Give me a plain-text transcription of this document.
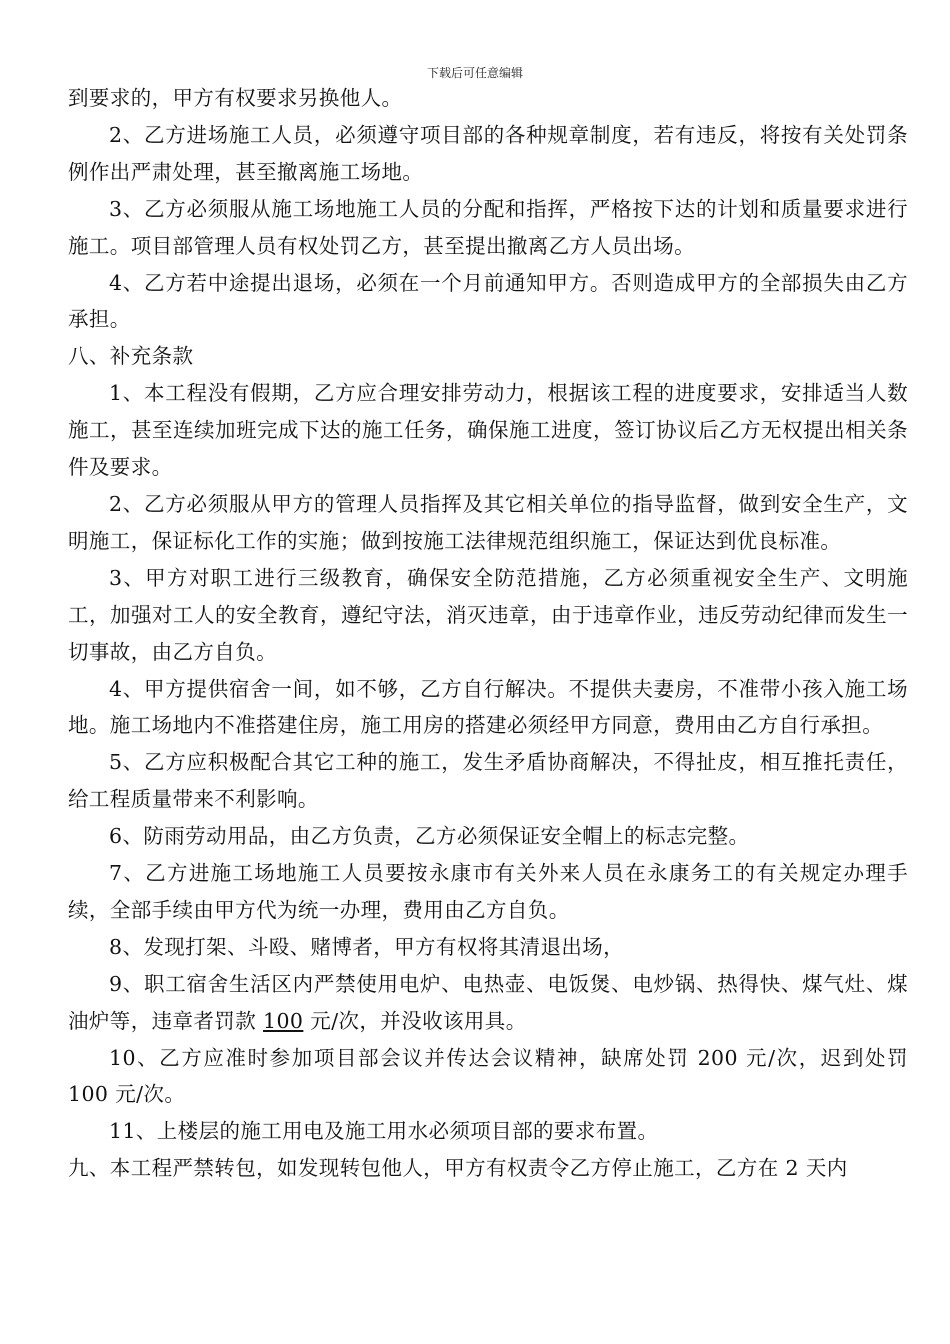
下载后可任意编辑

到要求的，甲方有权要求另换他人。

2、乙方进场施工人员，必须遵守项目部的各种规章制度，若有违反，将按有关处罚条例作出严肃处理，甚至撤离施工场地。

3、乙方必须服从施工场地施工人员的分配和指挥，严格按下达的计划和质量要求进行施工。项目部管理人员有权处罚乙方，甚至提出撤离乙方人员出场。

4、乙方若中途提出退场，必须在一个月前通知甲方。否则造成甲方的全部损失由乙方承担。

八、补充条款

1、本工程没有假期，乙方应合理安排劳动力，根据该工程的进度要求，安排适当人数施工，甚至连续加班完成下达的施工任务，确保施工进度，签订协议后乙方无权提出相关条件及要求。

2、乙方必须服从甲方的管理人员指挥及其它相关单位的指导监督，做到安全生产，文明施工，保证标化工作的实施；做到按施工法律规范组织施工，保证达到优良标准。

3、甲方对职工进行三级教育，确保安全防范措施，乙方必须重视安全生产、文明施工，加强对工人的安全教育，遵纪守法，消灭违章，由于违章作业，违反劳动纪律而发生一切事故，由乙方自负。

4、甲方提供宿舍一间，如不够，乙方自行解决。不提供夫妻房，不准带小孩入施工场地。施工场地内不准搭建住房，施工用房的搭建必须经甲方同意，费用由乙方自行承担。

5、乙方应积极配合其它工种的施工，发生矛盾协商解决，不得扯皮，相互推托责任，给工程质量带来不利影响。

6、防雨劳动用品，由乙方负责，乙方必须保证安全帽上的标志完整。

7、乙方进施工场地施工人员要按永康市有关外来人员在永康务工的有关规定办理手续，全部手续由甲方代为统一办理，费用由乙方自负。

8、发现打架、斗殴、赌博者，甲方有权将其清退出场，

9、职工宿舍生活区内严禁使用电炉、电热壶、电饭煲、电炒锅、热得快、煤气灶、煤油炉等，违章者罚款 100 元/次，并没收该用具。

10、乙方应准时参加项目部会议并传达会议精神，缺席处罚 200 元/次，迟到处罚 100 元/次。

11、上楼层的施工用电及施工用水必须项目部的要求布置。

九、本工程严禁转包，如发现转包他人，甲方有权责令乙方停止施工，乙方在 2 天内
